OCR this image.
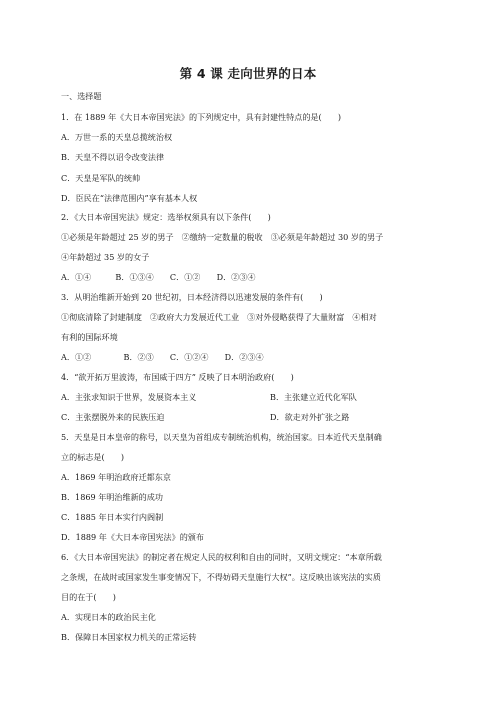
第 4 课 走向世界的日本
一、选择题
1．在 1889 年《大日本帝国宪法》的下列规定中，具有封建性特点的是(　　)
A．万世一系的天皇总揽统治权
B．天皇不得以诏令改变法律
C．天皇是军队的统帅
D．臣民在“法律范围内”享有基本人权
2．《大日本帝国宪法》规定：选举权须具有以下条件(　　)
①必须是年龄超过 25 岁的男子　②缴纳一定数量的税收　③必须是年龄超过 30 岁的男子
④年龄超过 35 岁的女子
A．①④　　　B．①③④　　C．①②　　D．②③④
3．从明治维新开始到 20 世纪初，日本经济得以迅速发展的条件有(　　)
①彻底清除了封建制度　②政府大力发展近代工业　③对外侵略获得了大量财富　④相对
有利的国际环境
A．①②　　　　B．②③　　C．①②④　　D．②③④
4．“欲开拓万里波涛，布国威于四方” 反映了日本明治政府(　　)
A．主张求知识于世界，发展资本主义	B．主张建立近代化军队
C．主张摆脱外来的民族压迫	D．欲走对外扩张之路
5．天皇是日本皇帝的称号，以天皇为首组成专制统治机构，统治国家。日本近代天皇制确
立的标志是(　　)
A．1869 年明治政府迁都东京
B．1869 年明治维新的成功
C．1885 年日本实行内阁制
D．1889 年《大日本帝国宪法》的颁布
6．《大日本帝国宪法》的制定者在规定人民的权利和自由的同时，又明文规定：“本章所载
之条规，在战时或国家发生事变情况下，不得妨碍天皇施行大权”。这反映出该宪法的实质
目的在于(　　)
A．实现日本的政治民主化
B．保障日本国家权力机关的正常运转
